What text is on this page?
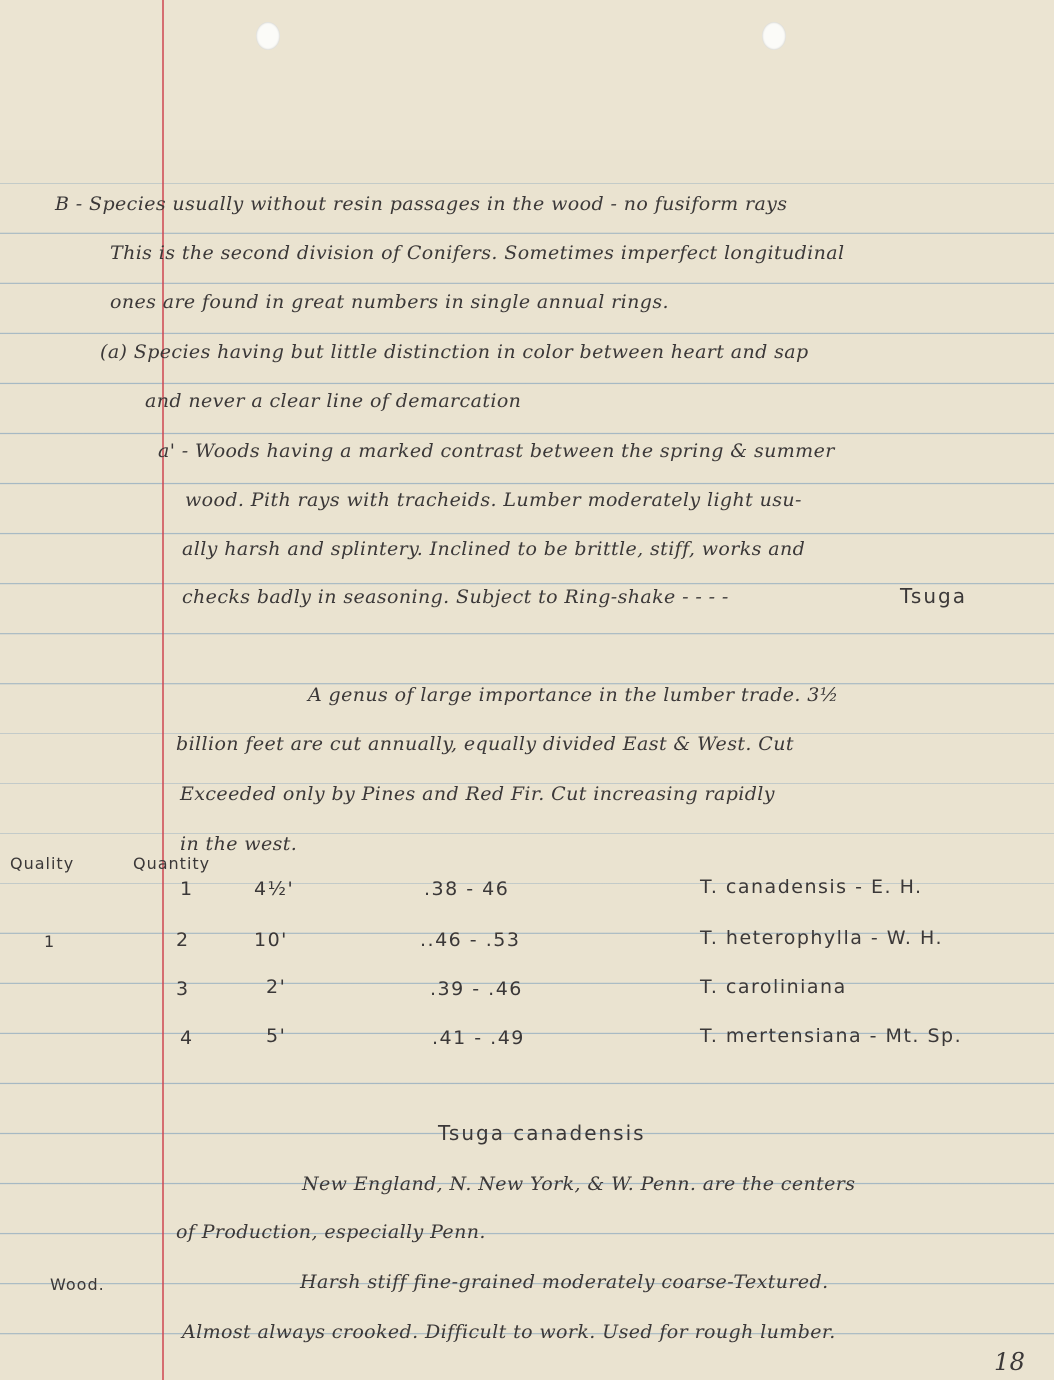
B - Species usually without resin passages in the wood - no fusiform rays
This is the second division of Conifers. Sometimes imperfect longitudinal
ones are found in great numbers in single annual rings.
(a) Species having but little distinction in color between heart and sap
and never a clear line of demarcation
a' - Woods having a marked contrast between the spring & summer
wood. Pith rays with tracheids. Lumber moderately light usu-
ally harsh and splintery. Inclined to be brittle, stiff, works and
checks badly in seasoning. Subject to Ring-shake - - - -	Tsuga
A genus of large importance in the lumber trade. 3½
billion feet are cut annually, equally divided East & West. Cut
Exceeded only by Pines and Red Fir. Cut increasing rapidly
in the west.
Quality	Quantity
1
1	4½'	.38 - 46	T. canadensis - E. H.
2	10'	..46 - .53	T. heterophylla - W. H.
3	2'	.39 - .46	T. caroliniana
4	5'	.41 - .49	T. mertensiana - Mt. Sp.
Tsuga canadensis
New England, N. New York, & W. Penn. are the centers
of Production, especially Penn.
Wood.	Harsh stiff fine-grained moderately coarse-Textured.
Almost always crooked. Difficult to work. Used for rough lumber.
18
